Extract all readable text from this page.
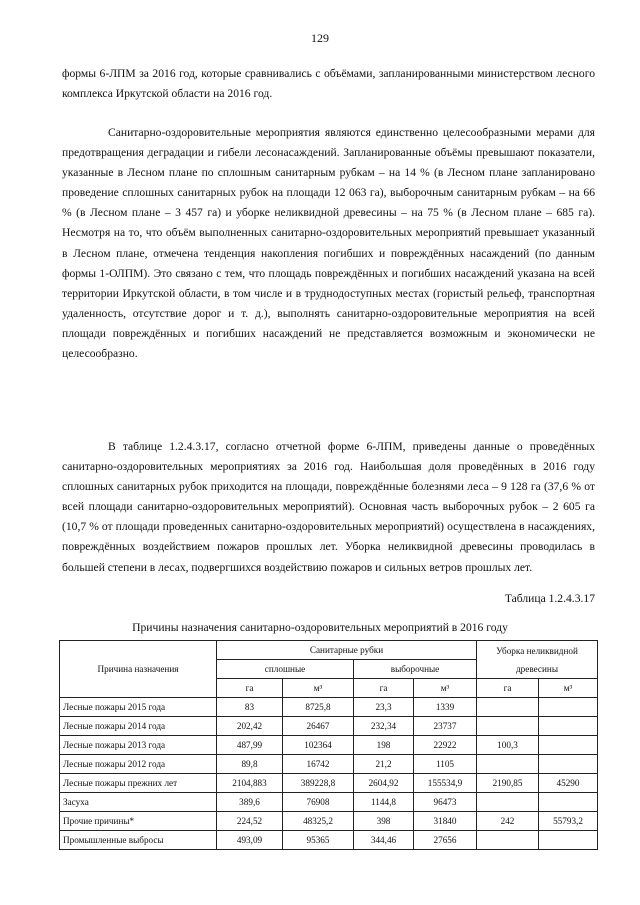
129
формы 6-ЛПМ за 2016 год, которые сравнивались с объёмами, запланированными министерством лесного комплекса Иркутской области на 2016 год.
Санитарно-оздоровительные мероприятия являются единственно целесообразными мерами для предотвращения деградации и гибели лесонасаждений. Запланированные объёмы превышают показатели, указанные в Лесном плане по сплошным санитарным рубкам – на 14 % (в Лесном плане запланировано проведение сплошных санитарных рубок на площади 12 063 га), выборочным санитарным рубкам – на 66 % (в Лесном плане – 3 457 га) и уборке неликвидной древесины – на 75 % (в Лесном плане – 685 га). Несмотря на то, что объём выполненных санитарно-оздоровительных мероприятий превышает указанный в Лесном плане, отмечена тенденция накопления погибших и повреждённых насаждений (по данным формы 1-ОЛПМ). Это связано с тем, что площадь повреждённых и погибших насаждений указана на всей территории Иркутской области, в том числе и в труднодоступных местах (гористый рельеф, транспортная удаленность, отсутствие дорог и т. д.), выполнять санитарно-оздоровительные мероприятия на всей площади повреждённых и погибших насаждений не представляется возможным и экономически не целесообразно.
В таблице 1.2.4.3.17, согласно отчетной форме 6-ЛПМ, приведены данные о проведённых санитарно-оздоровительных мероприятиях за 2016 год. Наибольшая доля проведённых в 2016 году сплошных санитарных рубок приходится на площади, повреждённые болезнями леса – 9 128 га (37,6 % от всей площади санитарно-оздоровительных мероприятий). Основная часть выборочных рубок – 2 605 га (10,7 % от площади проведенных санитарно-оздоровительных мероприятий) осуществлена в насаждениях, повреждённых воздействием пожаров прошлых лет. Уборка неликвидной древесины проводилась в большей степени в лесах, подвергшихся воздействию пожаров и сильных ветров прошлых лет.
Таблица 1.2.4.3.17
Причины назначения санитарно-оздоровительных мероприятий в 2016 году
Причина назначения	Санитарные рубки				Уборка неликвидной древесины	
	сплошные		выборочные			
	га	м³	га	м³	га	м³
Лесные пожары 2015 года	83	8725,8	23,3	1339		
Лесные пожары 2014 года	202,42	26467	232,34	23737		
Лесные пожары 2013 года	487,99	102364	198	22922	100,3	
Лесные пожары 2012 года	89,8	16742	21,2	1105		
Лесные пожары прежних лет	2104,883	389228,8	2604,92	155534,9	2190,85	45290
Засуха	389,6	76908	1144,8	96473		
Прочие причины*	224,52	48325,2	398	31840	242	55793,2
Промышленные выбросы	493,09	95365	344,46	27656		
